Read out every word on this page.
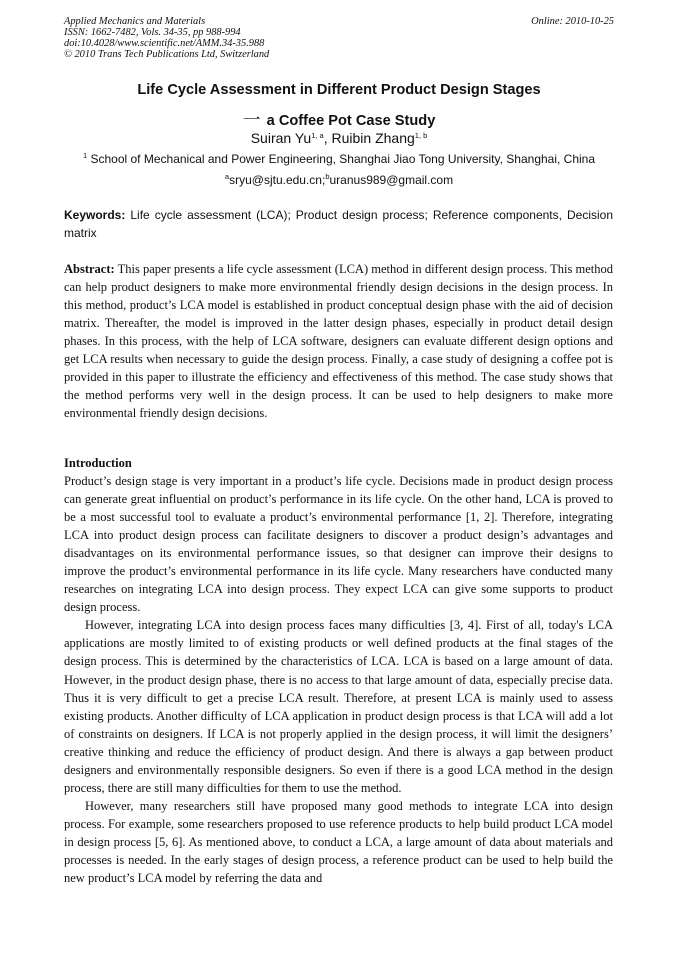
Applied Mechanics and Materials
ISSN: 1662-7482, Vols. 34-35, pp 988-994
doi:10.4028/www.scientific.net/AMM.34-35.988
© 2010 Trans Tech Publications Ltd, Switzerland
Online: 2010-10-25
Life Cycle Assessment in Different Product Design Stages
一 a Coffee Pot Case Study
Suiran Yu$^{1, a}$, Ruibin Zhang$^{1, b}$
$^1$ School of Mechanical and Power Engineering, Shanghai Jiao Tong University, Shanghai, China
$^a$sryu@sjtu.edu.cn;$^b$uranus989@gmail.com
Keywords: Life cycle assessment (LCA); Product design process; Reference components, Decision matrix
Abstract: This paper presents a life cycle assessment (LCA) method in different design process. This method can help product designers to make more environmental friendly design decisions in the design process. In this method, product’s LCA model is established in product conceptual design phase with the aid of decision matrix. Thereafter, the model is improved in the latter design phases, especially in product detail design phases. In this process, with the help of LCA software, designers can evaluate different design options and get LCA results when necessary to guide the design process. Finally, a case study of designing a coffee pot is provided in this paper to illustrate the efficiency and effectiveness of this method. The case study shows that the method performs very well in the design process. It can be used to help designers to make more environmental friendly design decisions.
Introduction

Product’s design stage is very important in a product’s life cycle. Decisions made in product design process can generate great influential on product’s performance in its life cycle. On the other hand, LCA is proved to be a most successful tool to evaluate a product’s environmental performance [1, 2]. Therefore, integrating LCA into product design process can facilitate designers to discover a product design’s advantages and disadvantages on its environmental performance issues, so that designer can improve their designs to improve the product’s environmental performance in its life cycle. Many researchers have conducted many researches on integrating LCA into design process. They expect LCA can give some supports to product design process.

However, integrating LCA into design process faces many difficulties [3, 4]. First of all, today's LCA applications are mostly limited to of existing products or well defined products at the final stages of the design process. This is determined by the characteristics of LCA. LCA is based on a large amount of data. However, in the product design phase, there is no access to that large amount of data, especially precise data. Thus it is very difficult to get a precise LCA result. Therefore, at present LCA is mainly used to assess existing products. Another difficulty of LCA application in product design process is that LCA will add a lot of constraints on designers. If LCA is not properly applied in the design process, it will limit the designers’ creative thinking and reduce the efficiency of product design. And there is always a gap between product designers and environmentally responsible designers. So even if there is a good LCA method in the design process, there are still many difficulties for them to use the method.

However, many researchers still have proposed many good methods to integrate LCA into design process. For example, some researchers proposed to use reference products to help build product LCA model in design process [5, 6]. As mentioned above, to conduct a LCA, a large amount of data about materials and processes is needed. In the early stages of design process, a reference product can be used to help build the new product’s LCA model by referring the data and
